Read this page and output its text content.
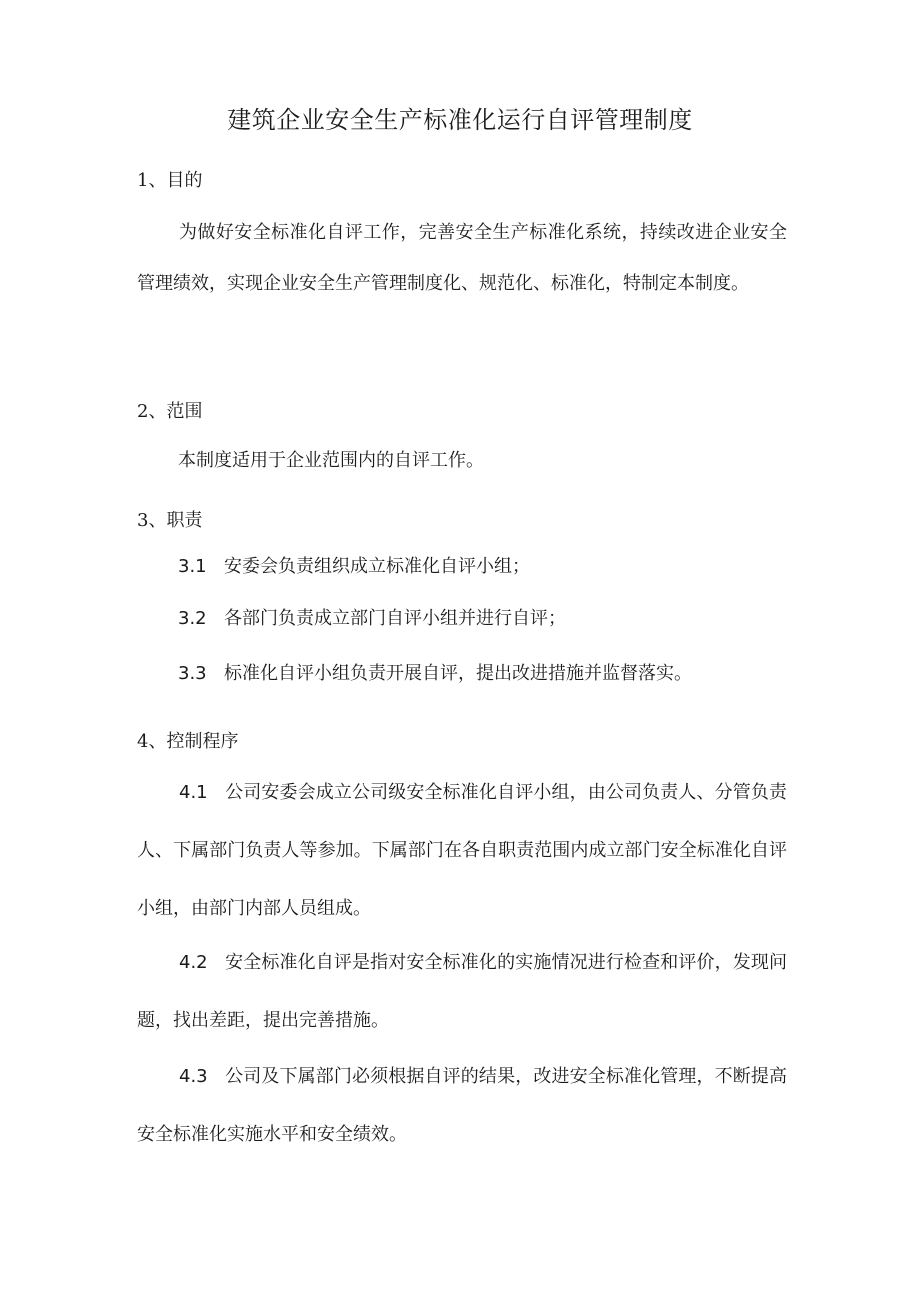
建筑企业安全生产标准化运行自评管理制度
1、目的
为做好安全标准化自评工作，完善安全生产标准化系统，持续改进企业安全管理绩效，实现企业安全生产管理制度化、规范化、标准化，特制定本制度。
2、范围
本制度适用于企业范围内的自评工作。
3、职责
3.1 安委会负责组织成立标准化自评小组；
3.2 各部门负责成立部门自评小组并进行自评；
3.3 标准化自评小组负责开展自评，提出改进措施并监督落实。
4、控制程序
4.1 公司安委会成立公司级安全标准化自评小组，由公司负责人、分管负责人、下属部门负责人等参加。下属部门在各自职责范围内成立部门安全标准化自评小组，由部门内部人员组成。
4.2 安全标准化自评是指对安全标准化的实施情况进行检查和评价，发现问题，找出差距，提出完善措施。
4.3 公司及下属部门必须根据自评的结果，改进安全标准化管理，不断提高安全标准化实施水平和安全绩效。
